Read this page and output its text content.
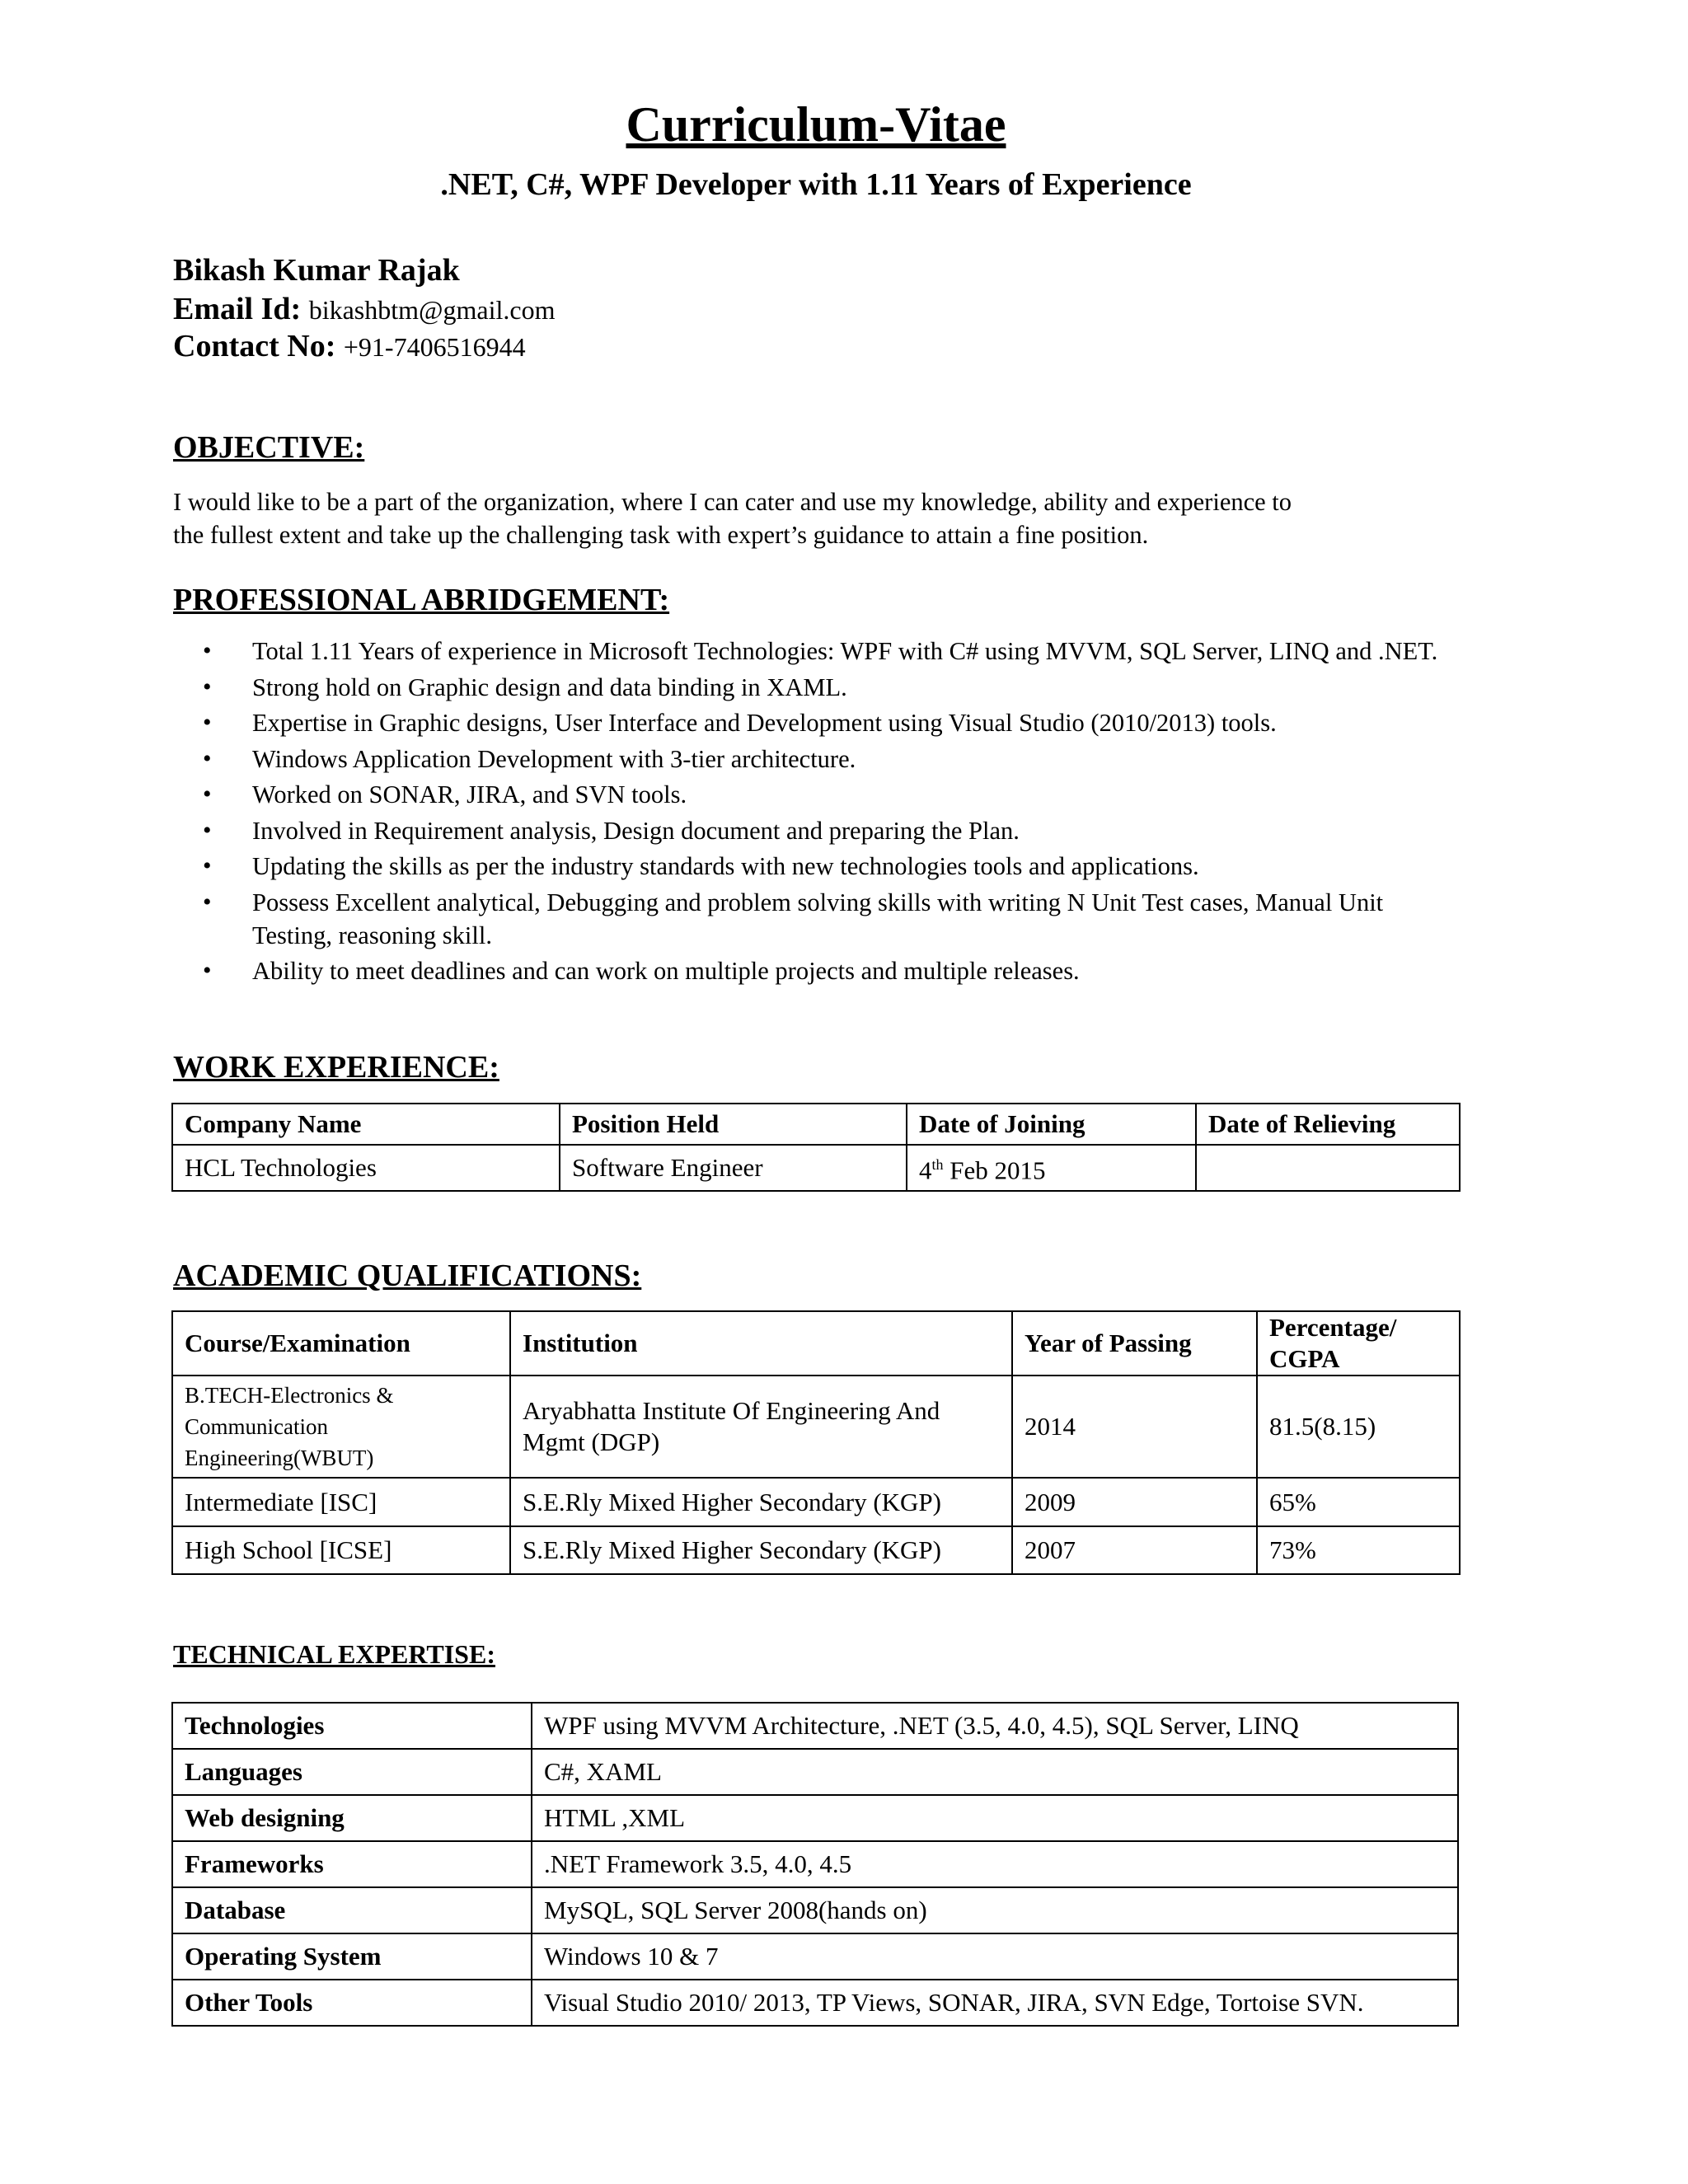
Curriculum-Vitae
.NET, C#, WPF Developer with 1.11 Years of Experience
Bikash Kumar Rajak
Email Id: bikashbtm@gmail.com
Contact No: +91-7406516944
OBJECTIVE:
I would like to be a part of the organization, where I can cater and use my knowledge, ability and experience to
the fullest extent and take up the challenging task with expert’s guidance to attain a fine position.
PROFESSIONAL ABRIDGEMENT:
• Total 1.11 Years of experience in Microsoft Technologies: WPF with C# using MVVM, SQL Server, LINQ and .NET.
• Strong hold on Graphic design and data binding in XAML.
• Expertise in Graphic designs, User Interface and Development using Visual Studio (2010/2013) tools.
• Windows Application Development with 3-tier architecture.
• Worked on SONAR, JIRA, and SVN tools.
• Involved in Requirement analysis, Design document and preparing the Plan.
• Updating the skills as per the industry standards with new technologies tools and applications.
• Possess Excellent analytical, Debugging and problem solving skills with writing N Unit Test cases, Manual Unit Testing, reasoning skill.
• Ability to meet deadlines and can work on multiple projects and multiple releases.
WORK EXPERIENCE:
Company Name	Position Held	Date of Joining	Date of Relieving
HCL Technologies	Software Engineer	4th Feb 2015	
ACADEMIC QUALIFICATIONS:
Course/Examination	Institution	Year of Passing	Percentage/ CGPA
B.TECH-Electronics & Communication Engineering(WBUT)	Aryabhatta Institute Of Engineering And Mgmt (DGP)	2014	81.5(8.15)
Intermediate [ISC]	S.E.Rly Mixed Higher Secondary (KGP)	2009	65%
High School [ICSE]	S.E.Rly Mixed Higher Secondary (KGP)	2007	73%
TECHNICAL EXPERTISE:
Technologies	WPF using MVVM Architecture, .NET (3.5, 4.0, 4.5), SQL Server, LINQ
Languages	C#, XAML
Web designing	HTML ,XML
Frameworks	.NET Framework 3.5, 4.0, 4.5
Database	MySQL, SQL Server 2008(hands on)
Operating System	Windows 10 & 7
Other Tools	Visual Studio 2010/ 2013, TP Views, SONAR, JIRA, SVN Edge, Tortoise SVN.
